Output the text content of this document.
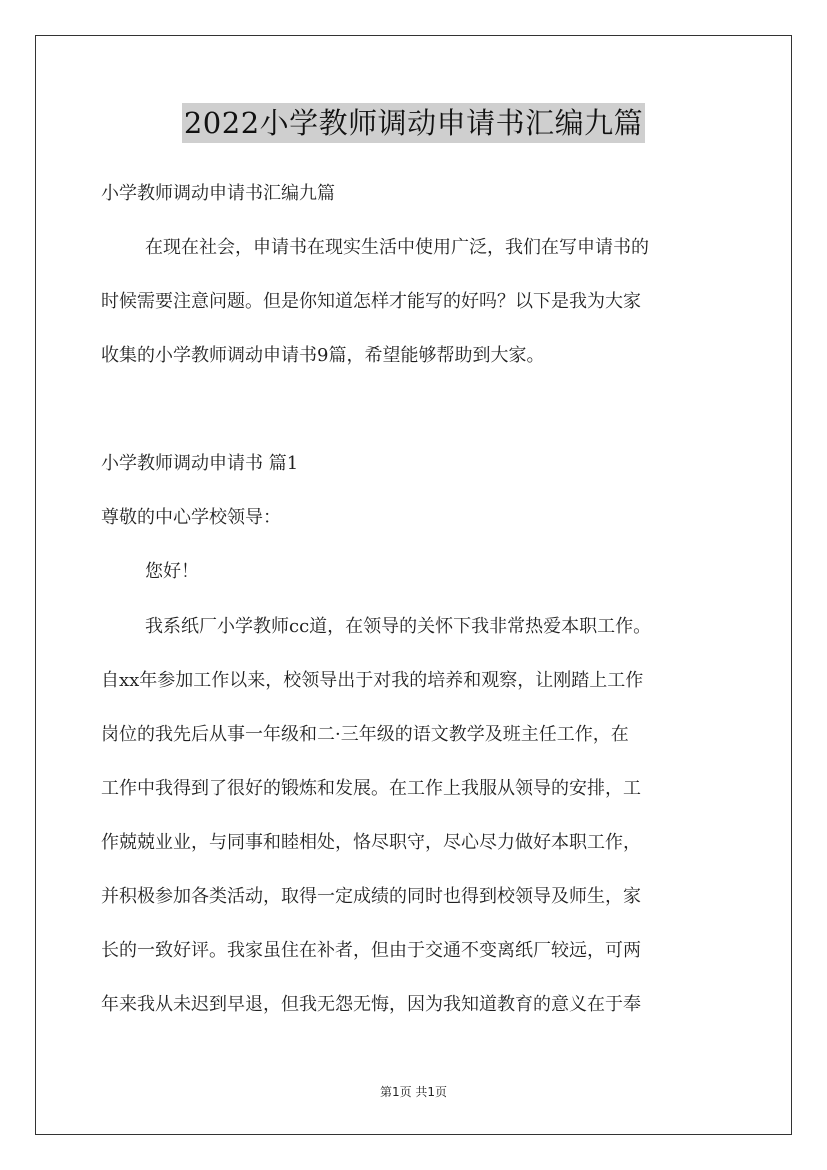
2022小学教师调动申请书汇编九篇
小学教师调动申请书汇编九篇
在现在社会，申请书在现实生活中使用广泛，我们在写申请书的
时候需要注意问题。但是你知道怎样才能写的好吗？以下是我为大家
收集的小学教师调动申请书9篇，希望能够帮助到大家。
小学教师调动申请书 篇1
尊敬的中心学校领导：
您好！
我系纸厂小学教师cc道，在领导的关怀下我非常热爱本职工作。
自xx年参加工作以来，校领导出于对我的培养和观察，让刚踏上工作
岗位的我先后从事一年级和二·三年级的语文教学及班主任工作，在
工作中我得到了很好的锻炼和发展。在工作上我服从领导的安排，工
作兢兢业业，与同事和睦相处，恪尽职守，尽心尽力做好本职工作，
并积极参加各类活动，取得一定成绩的同时也得到校领导及师生，家
长的一致好评。我家虽住在补者，但由于交通不变离纸厂较远，可两
年来我从未迟到早退，但我无怨无悔，因为我知道教育的意义在于奉
第1页 共1页
